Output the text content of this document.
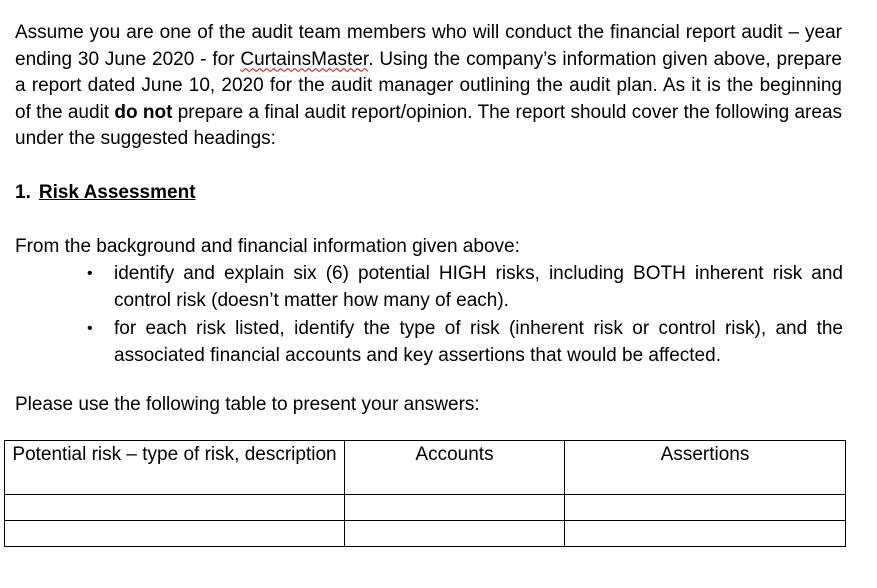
Assume you are one of the audit team members who will conduct the financial report audit – year ending 30 June 2020 - for CurtainsMaster. Using the company’s information given above, prepare a report dated June 10, 2020 for the audit manager outlining the audit plan. As it is the beginning of the audit do not prepare a final audit report/opinion. The report should cover the following areas under the suggested headings:

1. Risk Assessment

From the background and financial information given above:

• identify and explain six (6) potential HIGH risks, including BOTH inherent risk and control risk (doesn’t matter how many of each).
• for each risk listed, identify the type of risk (inherent risk or control risk), and the associated financial accounts and key assertions that would be affected.

Please use the following table to present your answers:

Potential risk – type of risk, description	Accounts	Assertions
